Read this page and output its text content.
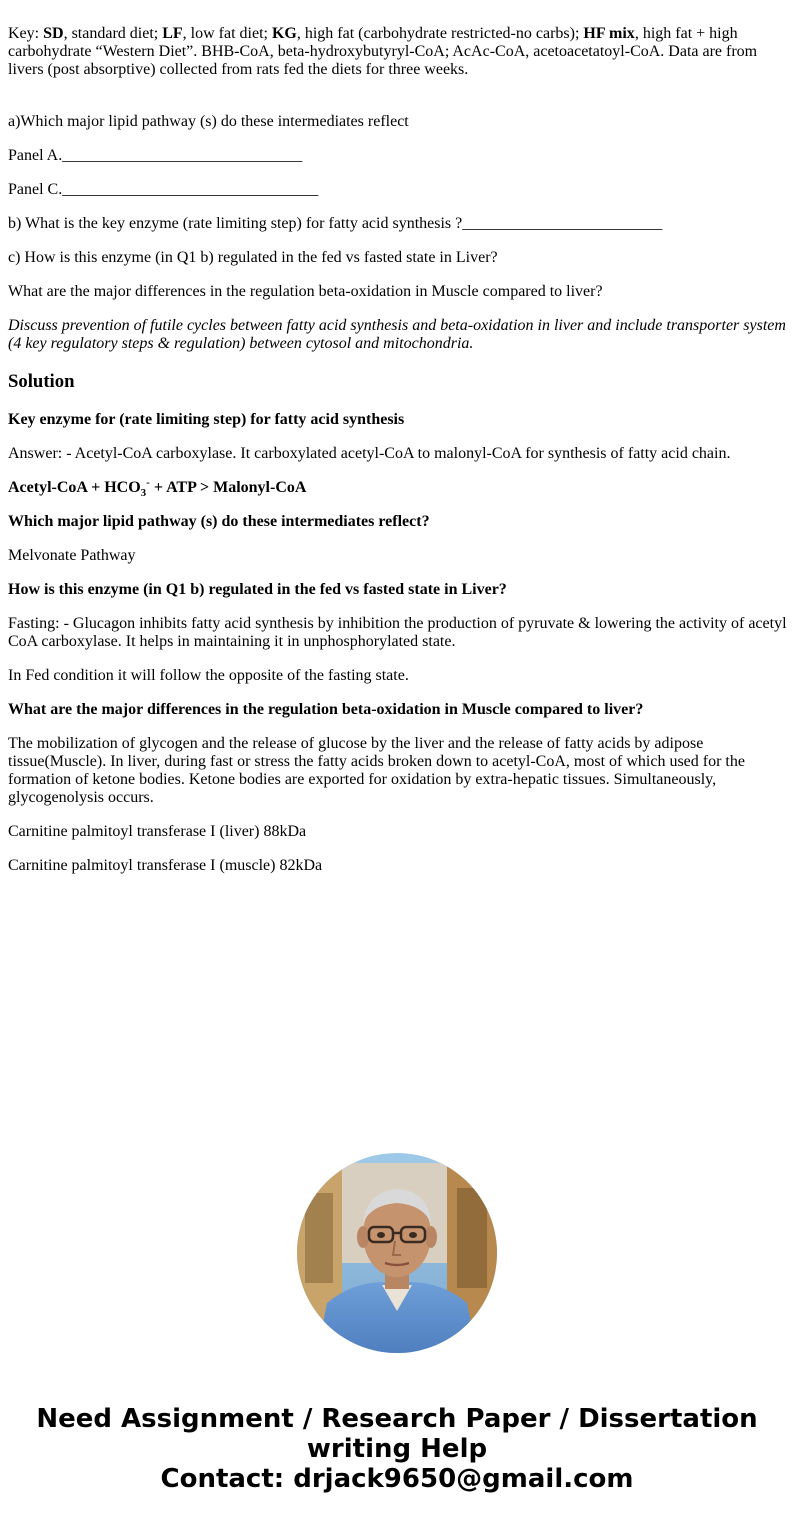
Key: SD, standard diet; LF, low fat diet; KG, high fat (carbohydrate restricted-no carbs); HF mix, high fat + high carbohydrate “Western Diet”. BHB-CoA, beta-hydroxybutyryl-CoA; AcAc-CoA, acetoacetatoyl-CoA. Data are from livers (post absorptive) collected from rats fed the diets for three weeks.

a)Which major lipid pathway (s) do these intermediates reflect

Panel A.______________________________

Panel C.________________________________

b) What is the key enzyme (rate limiting step) for fatty acid synthesis ?_________________________

c) How is this enzyme (in Q1 b) regulated in the fed vs fasted state in Liver?

What are the major differences in the regulation beta-oxidation in Muscle compared to liver?

Discuss prevention of futile cycles between fatty acid synthesis and beta-oxidation in liver and include transporter system (4 key regulatory steps & regulation) between cytosol and mitochondria.

Solution

Key enzyme for (rate limiting step) for fatty acid synthesis

Answer: - Acetyl-CoA carboxylase. It carboxylated acetyl-CoA to malonyl-CoA for synthesis of fatty acid chain.

Acetyl-CoA + $HCO_3^-$ + ATP > Malonyl-CoA

Which major lipid pathway (s) do these intermediates reflect?

Melvonate Pathway

How is this enzyme (in Q1 b) regulated in the fed vs fasted state in Liver?

Fasting: - Glucagon inhibits fatty acid synthesis by inhibition the production of pyruvate & lowering the activity of acetyl CoA carboxylase. It helps in maintaining it in unphosphorylated state.

In Fed condition it will follow the opposite of the fasting state.

What are the major differences in the regulation beta-oxidation in Muscle compared to liver?

The mobilization of glycogen and the release of glucose by the liver and the release of fatty acids by adipose tissue(Muscle). In liver, during fast or stress the fatty acids broken down to acetyl-CoA, most of which used for the formation of ketone bodies. Ketone bodies are exported for oxidation by extra-hepatic tissues. Simultaneously, glycogenolysis occurs.

Carnitine palmitoyl transferase I (liver) 88kDa

Carnitine palmitoyl transferase I (muscle) 82kDa

Need Assignment / Research Paper / Dissertation
writing Help
Contact: drjack9650@gmail.com
